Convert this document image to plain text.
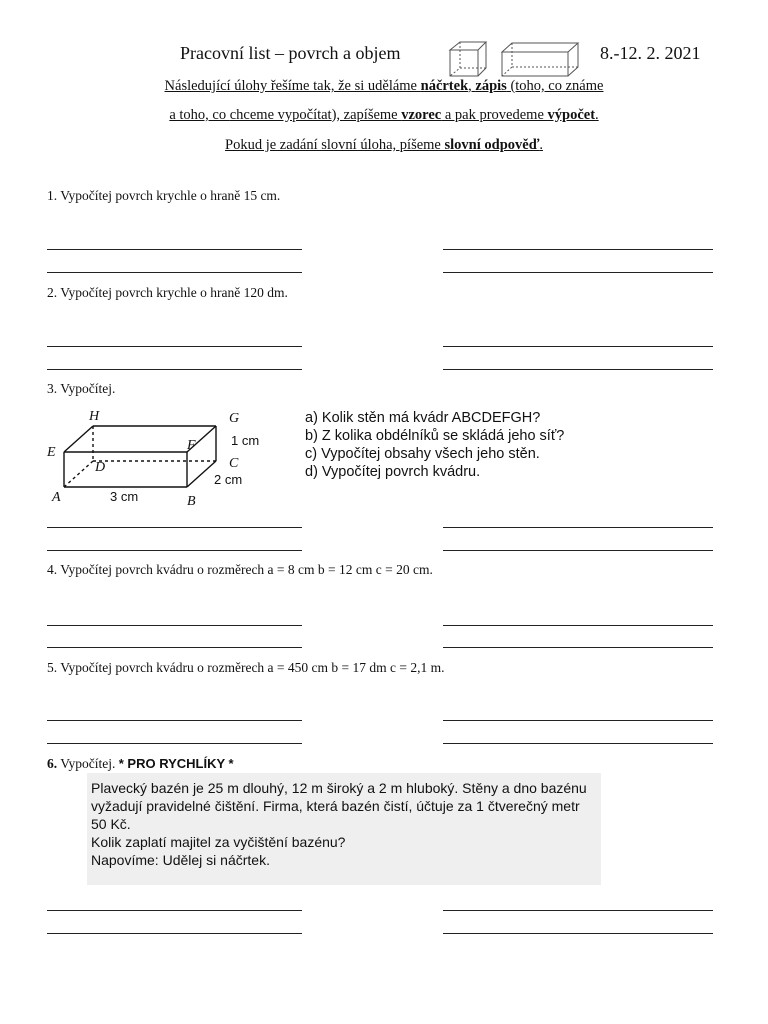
Pracovní list – povrch a objem	8.-12. 2. 2021
Následující úlohy řešíme tak, že si uděláme náčrtek, zápis (toho, co známe
a toho, co chceme vypočítat), zapíšeme vzorec a pak provedeme výpočet.
Pokud je zadání slovní úloha, píšeme slovní odpověď.
1. Vypočítej povrch krychle o hraně 15 cm.
2. Vypočítej povrch krychle o hraně 120 dm.
3. Vypočítej.
H	G
E	F
D	C
A	B
3 cm
2 cm
1 cm
a) Kolik stěn má kvádr ABCDEFGH?
b) Z kolika obdélníků se skládá jeho síť?
c) Vypočítej obsahy všech jeho stěn.
d) Vypočítej povrch kvádru.
4. Vypočítej povrch kvádru o rozměrech a = 8 cm b = 12 cm c = 20 cm.
5. Vypočítej povrch kvádru o rozměrech a = 450 cm b = 17 dm c = 2,1 m.
6. Vypočítej. * PRO RYCHLÍKY *
Plavecký bazén je 25 m dlouhý, 12 m široký a 2 m hluboký. Stěny a dno bazénu
vyžadují pravidelné čištění. Firma, která bazén čistí, účtuje za 1 čtverečný metr
50 Kč.
Kolik zaplatí majitel za vyčištění bazénu?
Napovíme: Udělej si náčrtek.
